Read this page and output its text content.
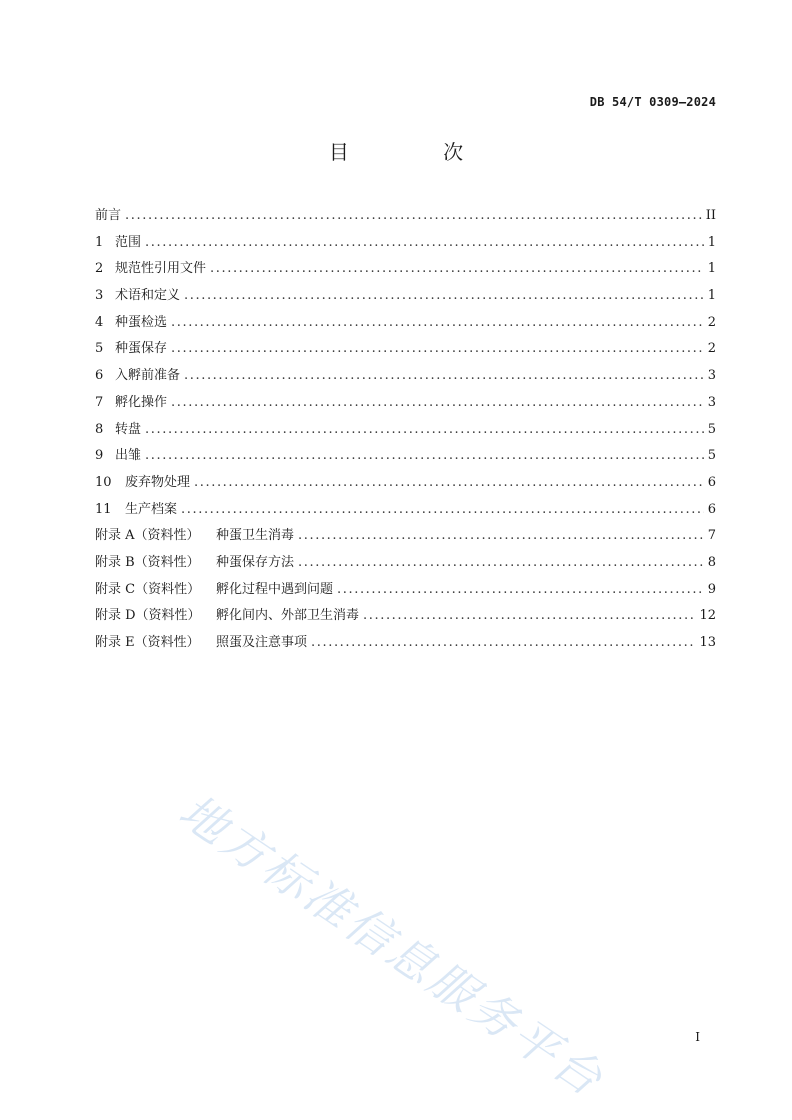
DB 54/T 0309—2024
目 次
前言 .....	II
1 范围 .....	1
2 规范性引用文件 .....	1
3 术语和定义 .....	1
4 种蛋检选 .....	2
5 种蛋保存 .....	2
6 入孵前准备 .....	3
7 孵化操作 .....	3
8 转盘 .....	5
9 出雏 .....	5
10	废弃物处理 .....	6
11	生产档案 .....	6
附录 A（资料性）	种蛋卫生消毒 .....	7
附录 B（资料性）	种蛋保存方法 .....	8
附录 C（资料性）	孵化过程中遇到问题 .....	9
附录 D（资料性）	孵化间内、外部卫生消毒 .....	12
附录 E（资料性）	照蛋及注意事项 .....	13
地方标准信息服务平台	I
